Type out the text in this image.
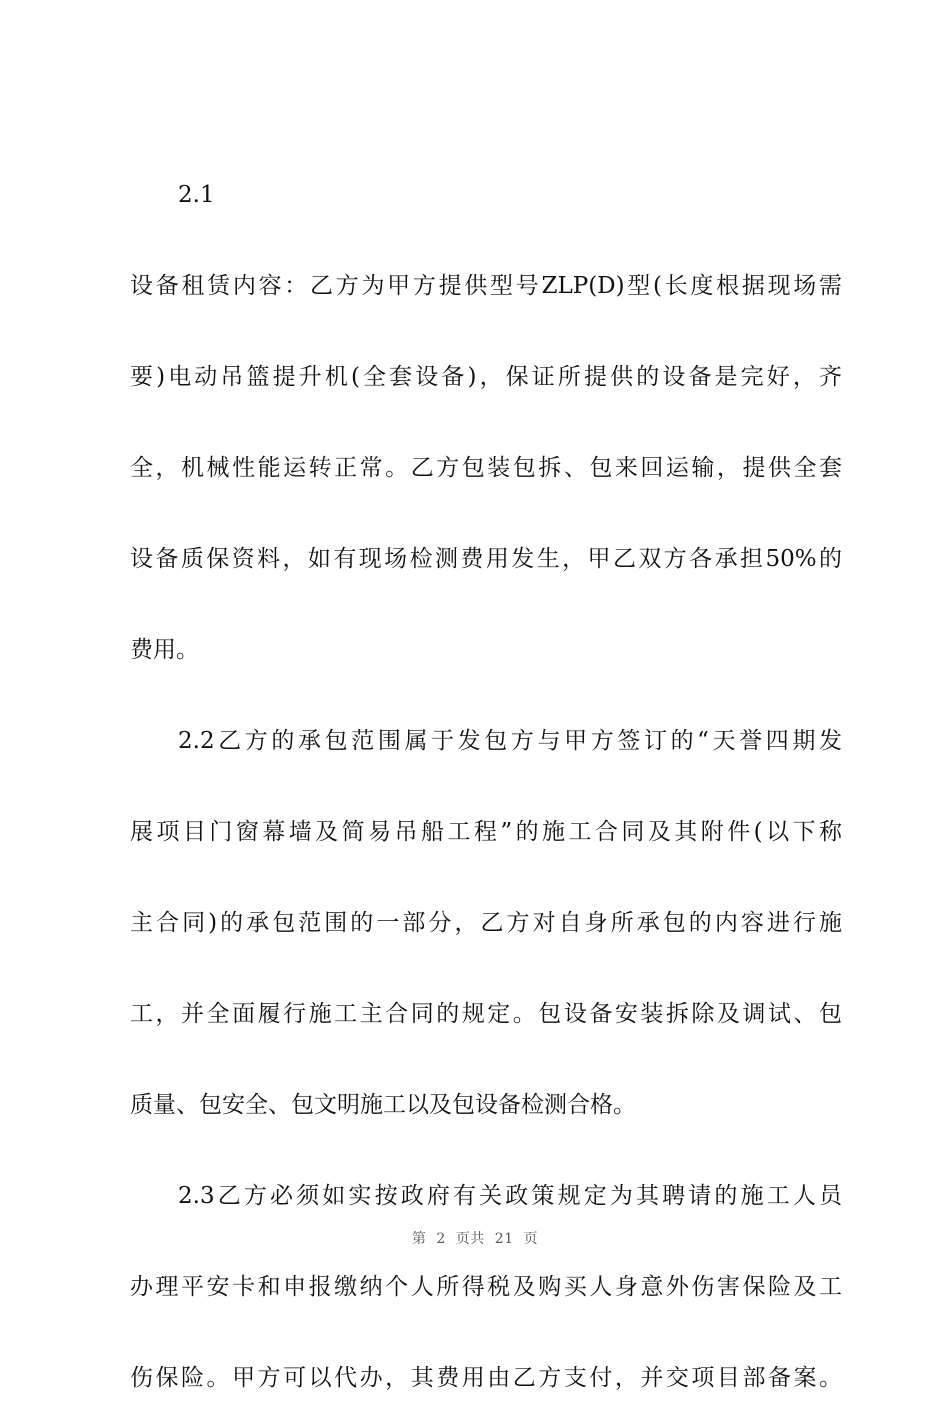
2.1
设备租赁内容：乙方为甲方提供型号ZLP(D)型(长度根据现场需
要)电动吊篮提升机(全套设备)，保证所提供的设备是完好，齐
全，机械性能运转正常。乙方包装包拆、包来回运输，提供全套
设备质保资料，如有现场检测费用发生，甲乙双方各承担50%的
费用。
2.2乙方的承包范围属于发包方与甲方签订的“天誉四期发
展项目门窗幕墙及简易吊船工程”的施工合同及其附件(以下称
主合同)的承包范围的一部分，乙方对自身所承包的内容进行施
工，并全面履行施工主合同的规定。包设备安装拆除及调试、包
质量、包安全、包文明施工以及包设备检测合格。
2.3乙方必须如实按政府有关政策规定为其聘请的施工人员
办理平安卡和申报缴纳个人所得税及购买人身意外伤害保险及工
伤保险。甲方可以代办，其费用由乙方支付，并交项目部备案。
第 2 页共 21 页
